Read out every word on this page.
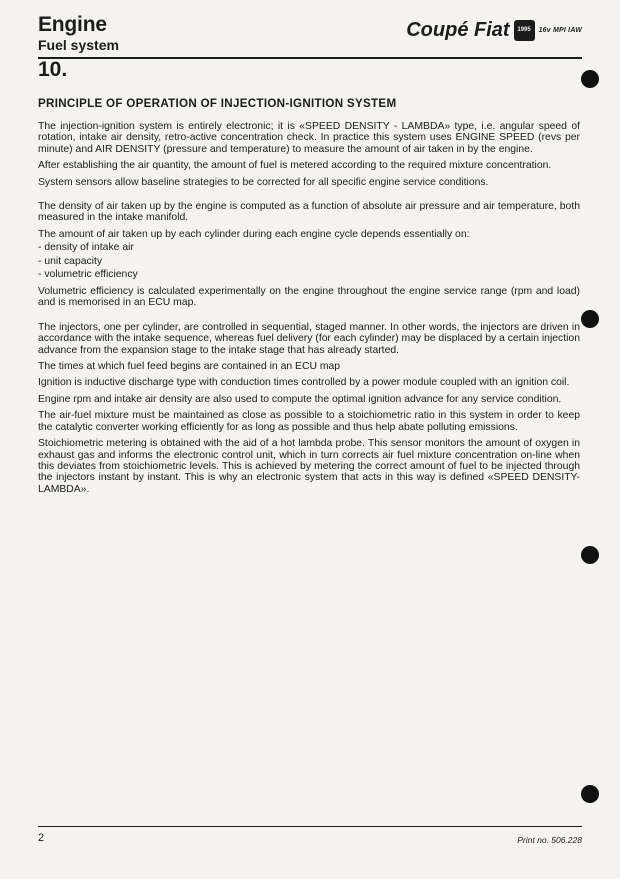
Engine
Fuel system
10.
Coupé Fiat	1995	16v MPI IAW
PRINCIPLE OF OPERATION OF INJECTION-IGNITION SYSTEM

The injection-ignition system is entirely electronic; it is «SPEED DENSITY - LAMBDA» type, i.e. angular speed of rotation, intake air density, retro-active concentration check. In practice this system uses ENGINE SPEED (revs per minute) and AIR DENSITY (pressure and temperature) to measure the amount of air taken in by the engine.

After establishing the air quantity, the amount of fuel is metered according to the required mixture concentration.

System sensors allow baseline strategies to be corrected for all specific engine service conditions.

The density of air taken up by the engine is computed as a function of absolute air pressure and air temperature, both measured in the intake manifold.

The amount of air taken up by each cylinder during each engine cycle depends essentially on:

- density of intake air

- unit capacity

- volumetric efficiency

Volumetric efficiency is calculated experimentally on the engine throughout the engine service range (rpm and load) and is memorised in an ECU map.

The injectors, one per cylinder, are controlled in sequential, staged manner. In other words, the injectors are driven in accordance with the intake sequence, whereas fuel delivery (for each cylinder) may be displaced by a certain injection advance from the expansion stage to the intake stage that has already started.

The times at which fuel feed begins are contained in an ECU map

Ignition is inductive discharge type with conduction times controlled by a power module coupled with an ignition coil.

Engine rpm and intake air density are also used to compute the optimal ignition advance for any service condition.

The air-fuel mixture must be maintained as close as possible to a stoichiometric ratio in this system in order to keep the catalytic converter working efficiently for as long as possible and thus help abate polluting emissions.

Stoichiometric metering is obtained with the aid of a hot lambda probe. This sensor monitors the amount of oxygen in exhaust gas and informs the electronic control unit, which in turn corrects air fuel mixture concentration on-line when this deviates from stoichiometric levels. This is achieved by metering the correct amount of fuel to be injected through the injectors instant by instant. This is why an electronic system that acts in this way is defined «SPEED DENSITY-LAMBDA».

2	Print no. 506.228
